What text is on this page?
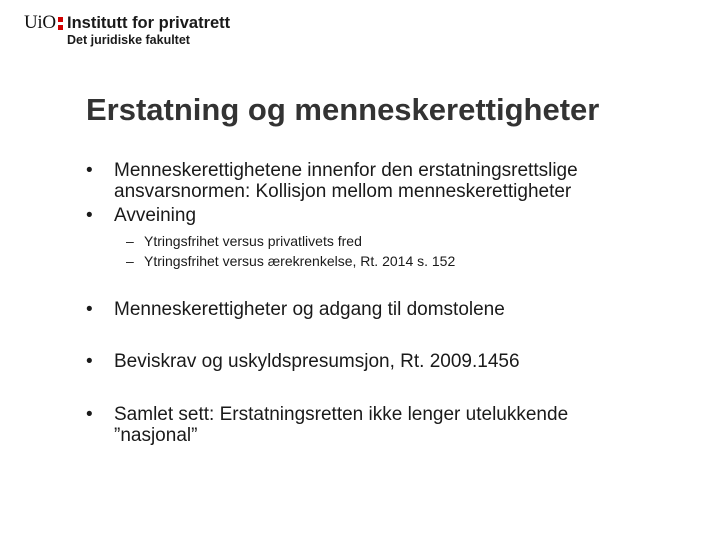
UiO Institutt for privatrett
Det juridiske fakultet
Erstatning og menneskerettigheter
•	Menneskerettighetene innenfor den erstatningsrettslige
ansvarsnormen: Kollisjon mellom menneskerettigheter
•	Avveining
– Ytringsfrihet versus privatlivets fred
– Ytringsfrihet versus ærekrenkelse, Rt. 2014 s. 152
•	Menneskerettigheter og adgang til domstolene
•	Beviskrav og uskyldspresumsjon, Rt. 2009.1456
•	Samlet sett: Erstatningsretten ikke lenger utelukkende
”nasjonal”
